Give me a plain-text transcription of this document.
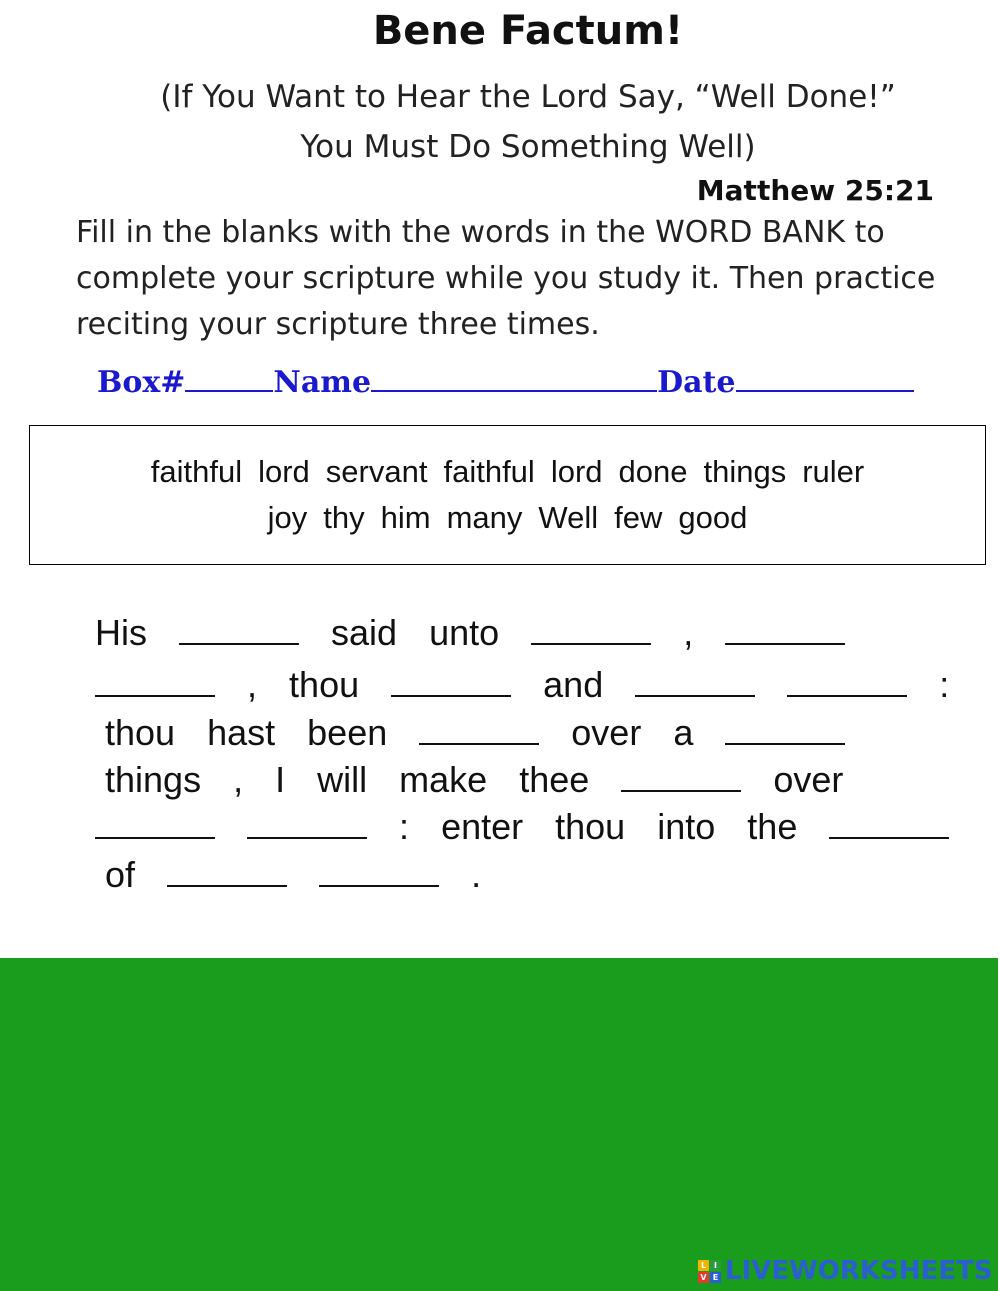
Bene Factum!
(If You Want to Hear the Lord Say, “Well Done!”
You Must Do Something Well)
Matthew 25:21
Fill in the blanks with the words in the WORD BANK to complete your scripture while you study it. Then practice reciting your scripture three times.
Box#	Name	Date
faithful lord servant faithful lord done things ruler
joy thy him many Well few good
His	said unto	,
, thou	and	:
thou hast been	over a
things , I will make thee	over
: enter thou into the
of	.
L I
V E LIVEWORKSHEETS
